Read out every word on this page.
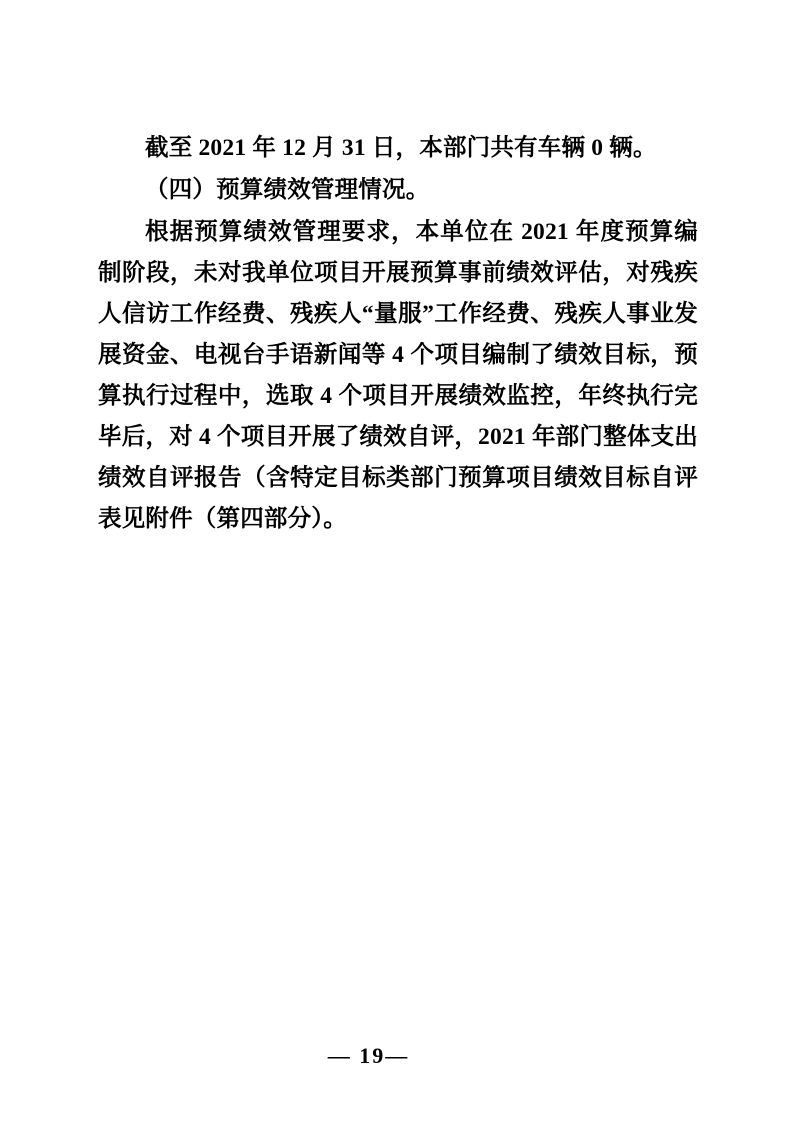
截至 2021 年 12 月 31 日，本部门共有车辆 0 辆。

（四）预算绩效管理情况。

根据预算绩效管理要求，本单位在 2021 年度预算编制阶段，未对我单位项目开展预算事前绩效评估，对残疾人信访工作经费、残疾人“量服”工作经费、残疾人事业发展资金、电视台手语新闻等 4 个项目编制了绩效目标，预算执行过程中，选取 4 个项目开展绩效监控，年终执行完毕后，对 4 个项目开展了绩效自评，2021 年部门整体支出绩效自评报告（含特定目标类部门预算项目绩效目标自评表见附件（第四部分）。

— 19—
